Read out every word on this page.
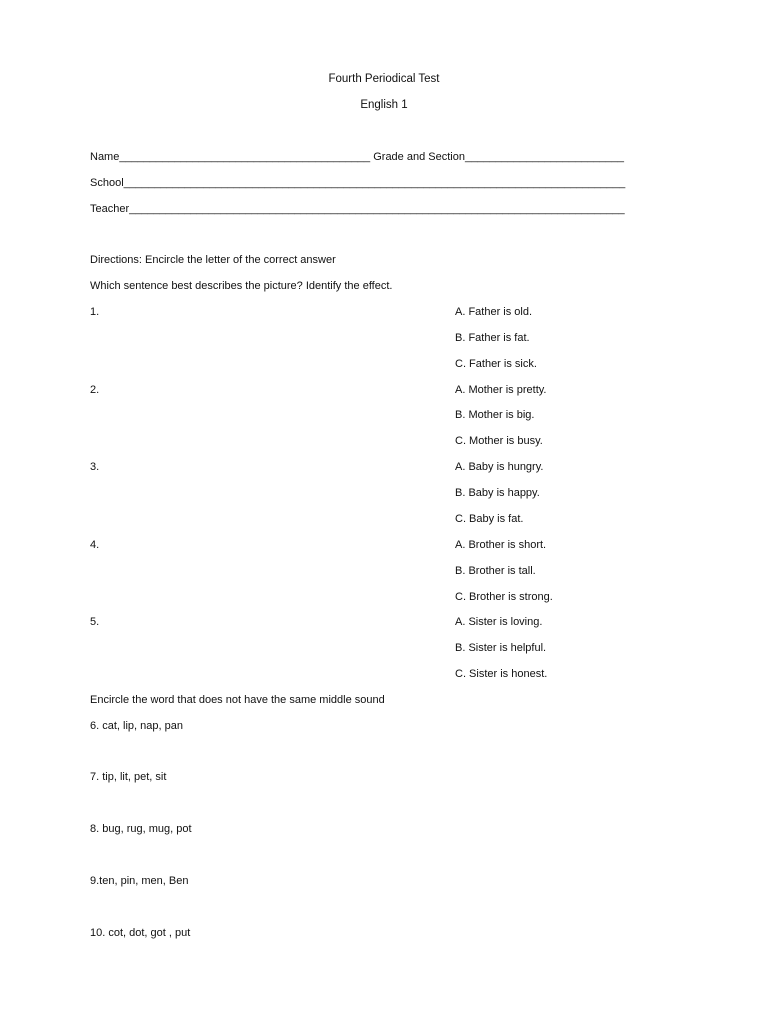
Fourth Periodical Test
English 1
Name_________________________________________ Grade and Section__________________________
School__________________________________________________________________________________
Teacher_________________________________________________________________________________
Directions: Encircle the letter of the correct answer
Which sentence best describes the picture? Identify the effect.
1.	A. Father is old.
B. Father is fat.
C. Father is sick.
2.	A. Mother is pretty.
B. Mother is big.
C. Mother is busy.
3.	A. Baby is hungry.
B. Baby is happy.
C. Baby is fat.
4.	A. Brother is short.
B. Brother is tall.
C. Brother is strong.
5.	A. Sister is loving.
B. Sister is helpful.
C. Sister is honest.
Encircle the word that does not have the same middle sound
6. cat, lip, nap, pan
7. tip, lit, pet, sit
8. bug, rug, mug, pot
9.ten, pin, men, Ben
10. cot, dot, got , put
